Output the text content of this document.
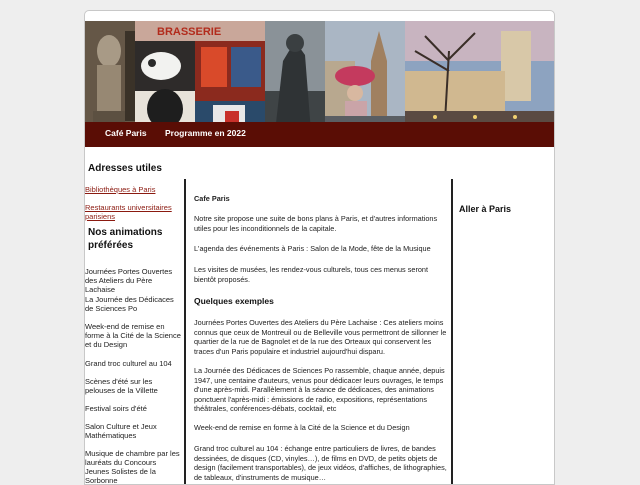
BRASSERIE
Café Paris Programme en 2022
Adresses utiles
Bibliothèques à Paris
Restaurants universitaires parisiens
Nos animations préférées
Journées Portes Ouvertes des Ateliers du Père Lachaise
La Journée des Dédicaces de Sciences Po
Week-end de remise en forme à la Cité de la Science et du Design
Grand troc culturel au 104
Scènes d'été sur les pelouses de la Villette
Festival soirs d'été
Salon Culture et Jeux Mathématiques
Musique de chambre par les lauréats du Concours Jeunes Solistes de la Sorbonne

Cafe Paris

Notre site propose une suite de bons plans à Paris, et d'autres informations utiles pour les inconditionnels de la capitale.

L'agenda des événements à Paris : Salon de la Mode, fête de la Musique

Les visites de musées, les rendez-vous culturels, tous ces menus seront bientôt proposés.

Quelques exemples

Journées Portes Ouvertes des Ateliers du Père Lachaise : Ces ateliers moins connus que ceux de Montreuil ou de Belleville vous permettront de sillonner le quartier de la rue de Bagnolet et de la rue des Orteaux qui conservent les traces d'un Paris populaire et industriel aujourd'hui disparu.

La Journée des Dédicaces de Sciences Po rassemble, chaque année, depuis 1947, une centaine d'auteurs, venus pour dédicacer leurs ouvrages, le temps d'une après-midi. Parallèlement à la séance de dédicaces, des animations ponctuent l'après-midi : émissions de radio, expositions, représentations théâtrales, conférences-débats, cocktail, etc

Week-end de remise en forme à la Cité de la Science et du Design

Grand troc culturel au 104 : échange entre particuliers de livres, de bandes dessinées, de disques (CD, vinyles…), de films en DVD, de petits objets de design (facilement transportables), de jeux vidéos, d'affiches, de lithographies, de tableaux, d'instruments de musique…

Aller à Paris
